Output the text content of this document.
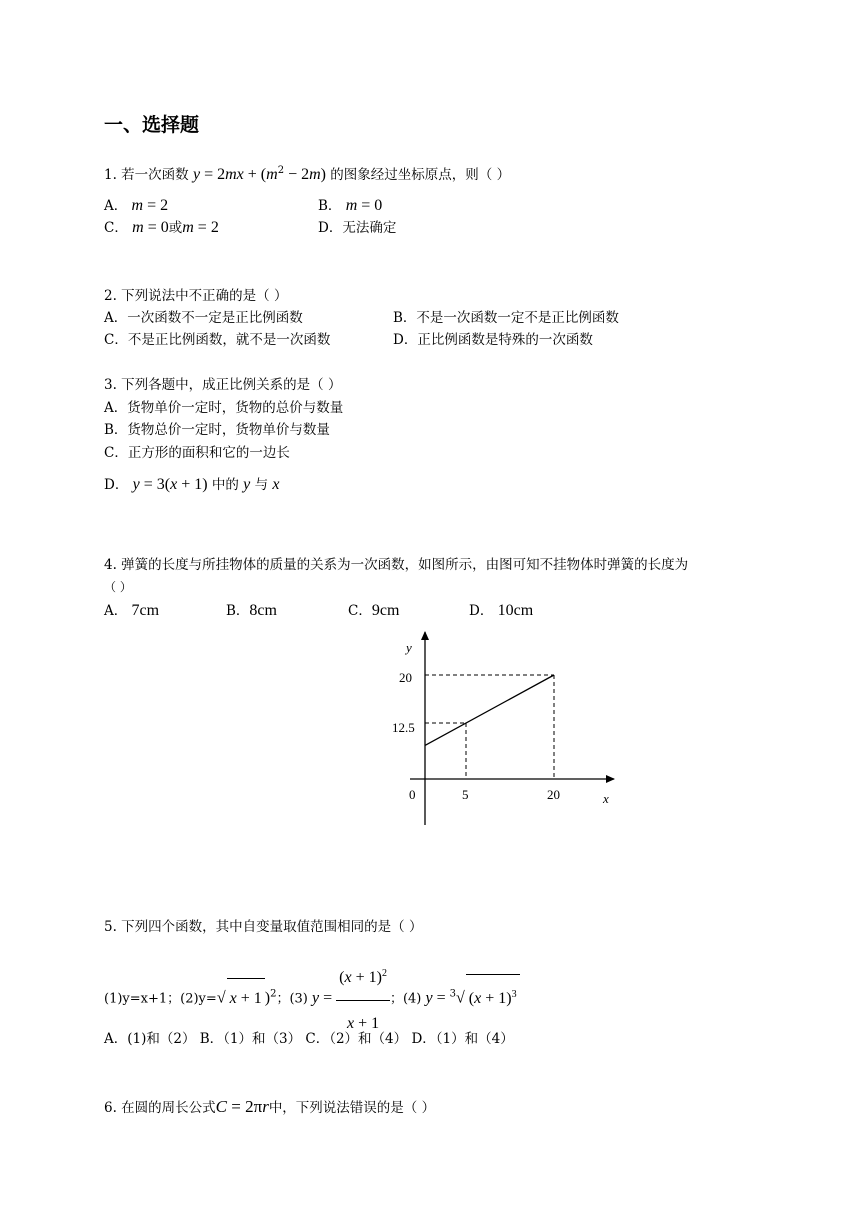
一、选择题
1. 若一次函数 $y = 2mx + (m^2 - 2m)$ 的图象经过坐标原点，则（ ）
A． m = 2	B． m = 0
C． m = 0或m = 2	D．无法确定
2. 下列说法中不正确的是（ ）
A．一次函数不一定是正比例函数	B．不是一次函数一定不是正比例函数
C．不是正比例函数，就不是一次函数	D．正比例函数是特殊的一次函数
3. 下列各题中，成正比例关系的是（ ）
A．货物单价一定时，货物的总价与数量
B．货物总价一定时，货物单价与数量
C．正方形的面积和它的一边长
D． y = 3(x + 1) 中的 y 与 x
4. 弹簧的长度与所挂物体的质量的关系为一次函数，如图所示，由图可知不挂物体时弹簧的长度为
（ ）
A． 7cm	B．8cm	C．9cm	D． 10cm
y
x
0
20
12.5
5	20
5. 下列四个函数，其中自变量取值范围相同的是（ ）
(1)y=x+1；(2)y=√ x + 1 )$^2$；(3) $y = \frac{(x + 1)^2}{x + 1}$ ；(4) y = $^3$√ $(x + 1)^3$
A．(1)和（2） B．（1）和（3） C．（2）和（4） D．（1）和（4）
6. 在圆的周长公式C = 2πr中，下列说法错误的是（ ）
